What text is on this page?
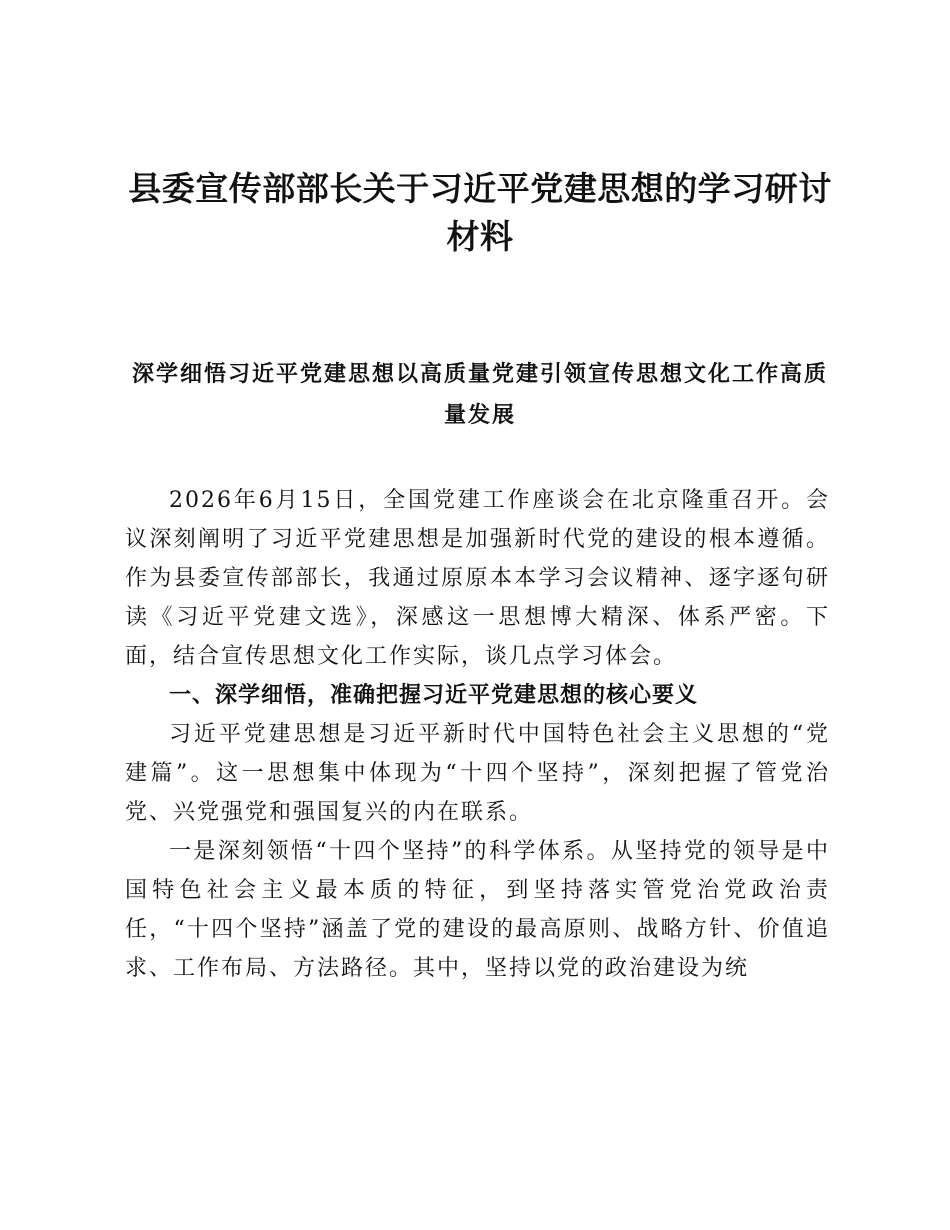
县委宣传部部长关于习近平党建思想的学习研讨材料
深学细悟习近平党建思想以高质量党建引领宣传思想文化工作高质量发展

2026年6月15日，全国党建工作座谈会在北京隆重召开。会议深刻阐明了习近平党建思想是加强新时代党的建设的根本遵循。作为县委宣传部部长，我通过原原本本学习会议精神、逐字逐句研读《习近平党建文选》，深感这一思想博大精深、体系严密。下面，结合宣传思想文化工作实际，谈几点学习体会。

一、深学细悟，准确把握习近平党建思想的核心要义

习近平党建思想是习近平新时代中国特色社会主义思想的“党建篇”。这一思想集中体现为“十四个坚持”，深刻把握了管党治党、兴党强党和强国复兴的内在联系。

一是深刻领悟“十四个坚持”的科学体系。从坚持党的领导是中国特色社会主义最本质的特征，到坚持落实管党治党政治责任，“十四个坚持”涵盖了党的建设的最高原则、战略方针、价值追求、工作布局、方法路径。其中，坚持以党的政治建设为统
